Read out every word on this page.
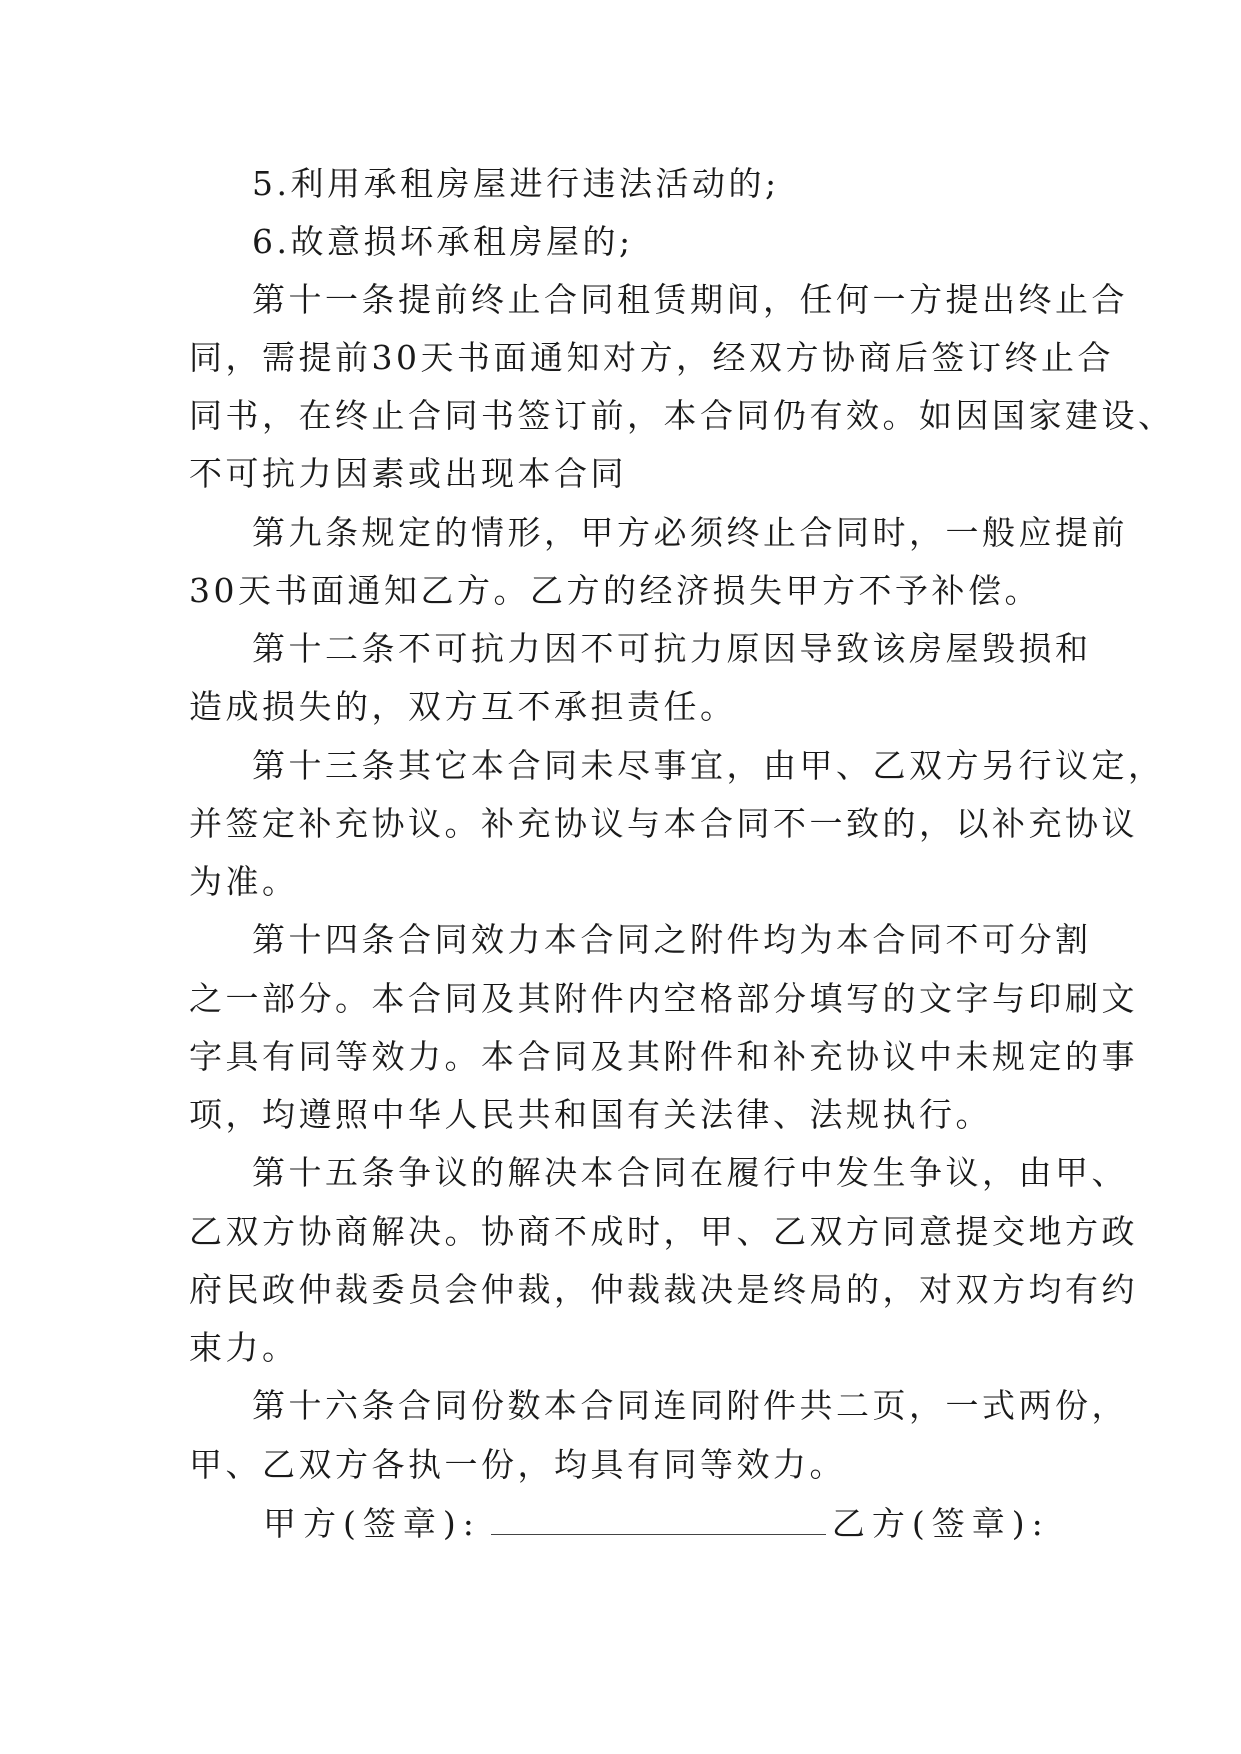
5.利用承租房屋进行违法活动的;
6.故意损坏承租房屋的;
第十一条提前终止合同租赁期间，任何一方提出终止合
同，需提前30天书面通知对方，经双方协商后签订终止合
同书，在终止合同书签订前，本合同仍有效。如因国家建设、
不可抗力因素或出现本合同
第九条规定的情形，甲方必须终止合同时，一般应提前
30天书面通知乙方。乙方的经济损失甲方不予补偿。
第十二条不可抗力因不可抗力原因导致该房屋毁损和
造成损失的，双方互不承担责任。
第十三条其它本合同未尽事宜，由甲、乙双方另行议定，
并签定补充协议。补充协议与本合同不一致的，以补充协议
为准。
第十四条合同效力本合同之附件均为本合同不可分割
之一部分。本合同及其附件内空格部分填写的文字与印刷文
字具有同等效力。本合同及其附件和补充协议中未规定的事
项，均遵照中华人民共和国有关法律、法规执行。
第十五条争议的解决本合同在履行中发生争议，由甲、
乙双方协商解决。协商不成时，甲、乙双方同意提交地方政
府民政仲裁委员会仲裁，仲裁裁决是终局的，对双方均有约
束力。
第十六条合同份数本合同连同附件共二页，一式两份，
甲、乙双方各执一份，均具有同等效力。
甲方(签章):	乙方(签章):
